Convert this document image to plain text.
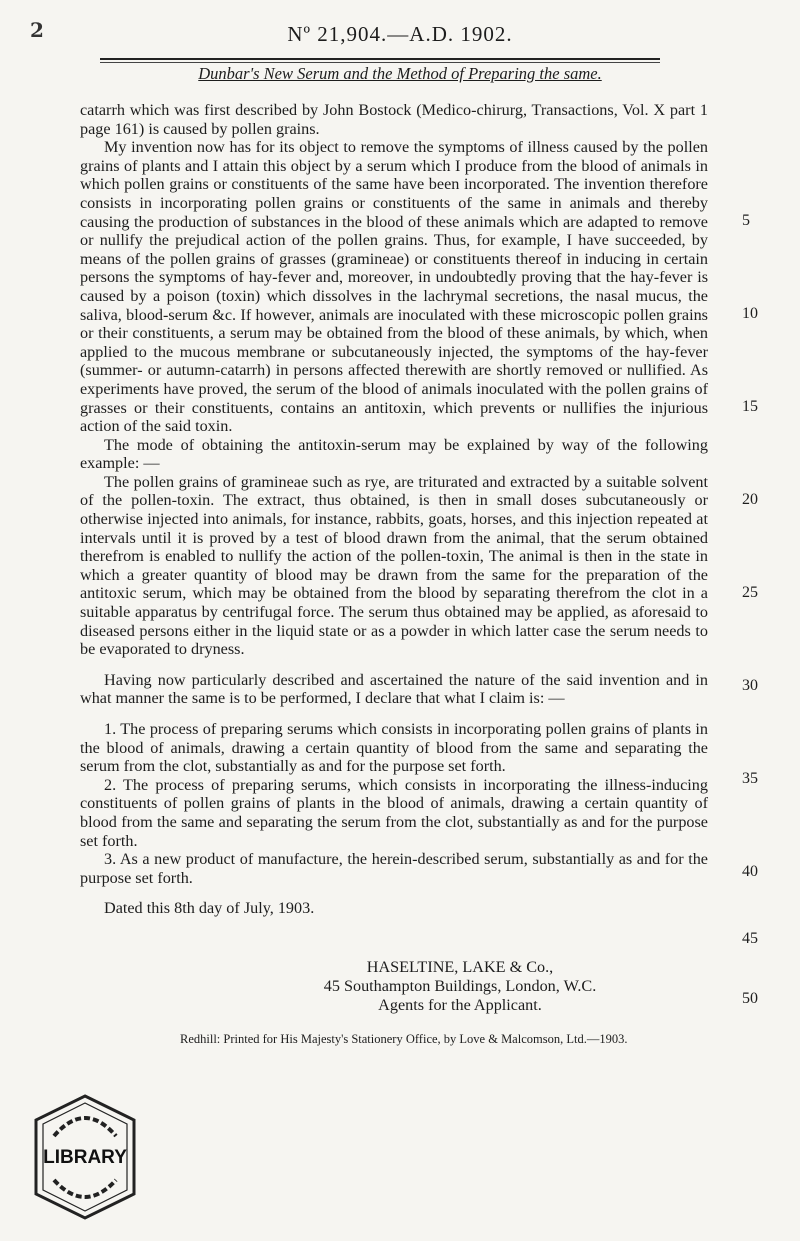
2	Nº 21,904.—A.D. 1902.
Dunbar's New Serum and the Method of Preparing the same.

catarrh which was first described by John Bostock (Medico-chirurg, Transactions, Vol. X part 1 page 161) is caused by pollen grains.

My invention now has for its object to remove the symptoms of illness caused by the pollen grains of plants and I attain this object by a serum which I produce from the blood of animals in which pollen grains or constituents of the same have been incorporated. The invention therefore consists in incorporating pollen grains or constituents of the same in animals and thereby causing the production of substances in the blood of these animals which are adapted to remove or nullify the prejudical action of the pollen grains. Thus, for example, I have succeeded, by means of the pollen grains of grasses (gramineae) or constituents thereof in inducing in certain persons the symptoms of hay-fever and, moreover, in undoubtedly proving that the hay-fever is caused by a poison (toxin) which dissolves in the lachrymal secretions, the nasal mucus, the saliva, blood-serum &c. If however, animals are inoculated with these microscopic pollen grains or their constituents, a serum may be obtained from the blood of these animals, by which, when applied to the mucous membrane or subcutaneously injected, the symptoms of the hay-fever (summer- or autumn-catarrh) in persons affected therewith are shortly removed or nullified. As experiments have proved, the serum of the blood of animals inoculated with the pollen grains of grasses or their constituents, contains an antitoxin, which prevents or nullifies the injurious action of the said toxin.

The mode of obtaining the antitoxin-serum may be explained by way of the following example: —

The pollen grains of gramineae such as rye, are triturated and extracted by a suitable solvent of the pollen-toxin. The extract, thus obtained, is then in small doses subcutaneously or otherwise injected into animals, for instance, rabbits, goats, horses, and this injection repeated at intervals until it is proved by a test of blood drawn from the animal, that the serum obtained therefrom is enabled to nullify the action of the pollen-toxin, The animal is then in the state in which a greater quantity of blood may be drawn from the same for the preparation of the antitoxic serum, which may be obtained from the blood by separating therefrom the clot in a suitable apparatus by centrifugal force. The serum thus obtained may be applied, as aforesaid to diseased persons either in the liquid state or as a powder in which latter case the serum needs to be evaporated to dryness.

Having now particularly described and ascertained the nature of the said invention and in what manner the same is to be performed, I declare that what I claim is: —

1. The process of preparing serums which consists in incorporating pollen grains of plants in the blood of animals, drawing a certain quantity of blood from the same and separating the serum from the clot, substantially as and for the purpose set forth.

2. The process of preparing serums, which consists in incorporating the illness-inducing constituents of pollen grains of plants in the blood of animals, drawing a certain quantity of blood from the same and separating the serum from the clot, substantially as and for the purpose set forth.

3. As a new product of manufacture, the herein-described serum, substantially as and for the purpose set forth.

Dated this 8th day of July, 1903.

5
10
15
20
25
30
35
40
45
50
HASELTINE, LAKE & Co.,
45 Southampton Buildings, London, W.C.
Agents for the Applicant.
Redhill: Printed for His Majesty's Stationery Office, by Love & Malcomson, Ltd.—1903.
LIBRARY
